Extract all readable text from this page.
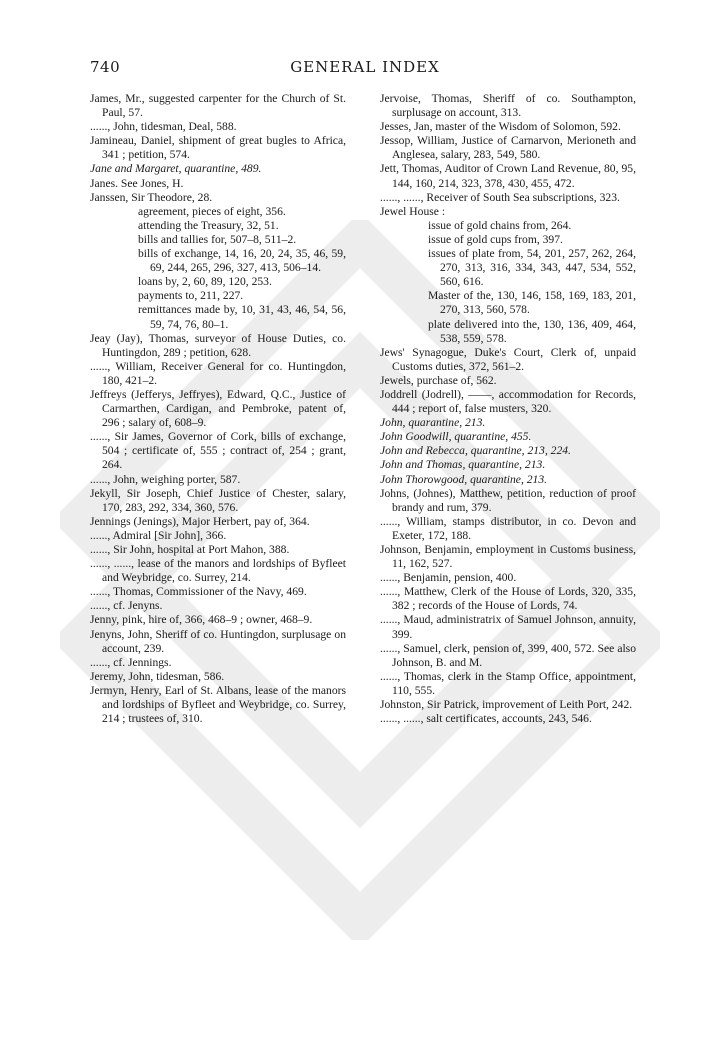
740	GENERAL INDEX

James, Mr., suggested carpenter for the Church of St. Paul, 57.

......, John, tidesman, Deal, 588.

Jamineau, Daniel, shipment of great bugles to Africa, 341 ; petition, 574.

Jane and Margaret, quarantine, 489.

Janes. See Jones, H.

Janssen, Sir Theodore, 28.

agreement, pieces of eight, 356.

attending the Treasury, 32, 51.

bills and tallies for, 507–8, 511–2.

bills of exchange, 14, 16, 20, 24, 35, 46, 59, 69, 244, 265, 296, 327, 413, 506–14.

loans by, 2, 60, 89, 120, 253.

payments to, 211, 227.

remittances made by, 10, 31, 43, 46, 54, 56, 59, 74, 76, 80–1.

Jeay (Jay), Thomas, surveyor of House Duties, co. Huntingdon, 289 ; petition, 628.

......, William, Receiver General for co. Huntingdon, 180, 421–2.

Jeffreys (Jefferys, Jeffryes), Edward, Q.C., Justice of Carmarthen, Cardigan, and Pembroke, patent of, 296 ; salary of, 608–9.

......, Sir James, Governor of Cork, bills of exchange, 504 ; certificate of, 555 ; contract of, 254 ; grant, 264.

......, John, weighing porter, 587.

Jekyll, Sir Joseph, Chief Justice of Chester, salary, 170, 283, 292, 334, 360, 576.

Jennings (Jenings), Major Herbert, pay of, 364.

......, Admiral [Sir John], 366.

......, Sir John, hospital at Port Mahon, 388.

......, ......, lease of the manors and lordships of Byfleet and Weybridge, co. Surrey, 214.

......, Thomas, Commissioner of the Navy, 469.

......, cf. Jenyns.

Jenny, pink, hire of, 366, 468–9 ; owner, 468–9.

Jenyns, John, Sheriff of co. Huntingdon, surplusage on account, 239.

......, cf. Jennings.

Jeremy, John, tidesman, 586.

Jermyn, Henry, Earl of St. Albans, lease of the manors and lordships of Byfleet and Weybridge, co. Surrey, 214 ; trustees of, 310.

Jervoise, Thomas, Sheriff of co. Southampton, surplusage on account, 313.

Jesses, Jan, master of the Wisdom of Solomon, 592.

Jessop, William, Justice of Carnarvon, Merioneth and Anglesea, salary, 283, 549, 580.

Jett, Thomas, Auditor of Crown Land Revenue, 80, 95, 144, 160, 214, 323, 378, 430, 455, 472.

......, ......, Receiver of South Sea subscriptions, 323.

Jewel House :

issue of gold chains from, 264.

issue of gold cups from, 397.

issues of plate from, 54, 201, 257, 262, 264, 270, 313, 316, 334, 343, 447, 534, 552, 560, 616.

Master of the, 130, 146, 158, 169, 183, 201, 270, 313, 560, 578.

plate delivered into the, 130, 136, 409, 464, 538, 559, 578.

Jews' Synagogue, Duke's Court, Clerk of, unpaid Customs duties, 372, 561–2.

Jewels, purchase of, 562.

Joddrell (Jodrell), ——, accommodation for Records, 444 ; report of, false musters, 320.

John, quarantine, 213.

John Goodwill, quarantine, 455.

John and Rebecca, quarantine, 213, 224.

John and Thomas, quarantine, 213.

John Thorowgood, quarantine, 213.

Johns, (Johnes), Matthew, petition, reduction of proof brandy and rum, 379.

......, William, stamps distributor, in co. Devon and Exeter, 172, 188.

Johnson, Benjamin, employment in Customs business, 11, 162, 527.

......, Benjamin, pension, 400.

......, Matthew, Clerk of the House of Lords, 320, 335, 382 ; records of the House of Lords, 74.

......, Maud, administratrix of Samuel Johnson, annuity, 399.

......, Samuel, clerk, pension of, 399, 400, 572. See also Johnson, B. and M.

......, Thomas, clerk in the Stamp Office, appointment, 110, 555.

Johnston, Sir Patrick, improvement of Leith Port, 242.

......, ......, salt certificates, accounts, 243, 546.
